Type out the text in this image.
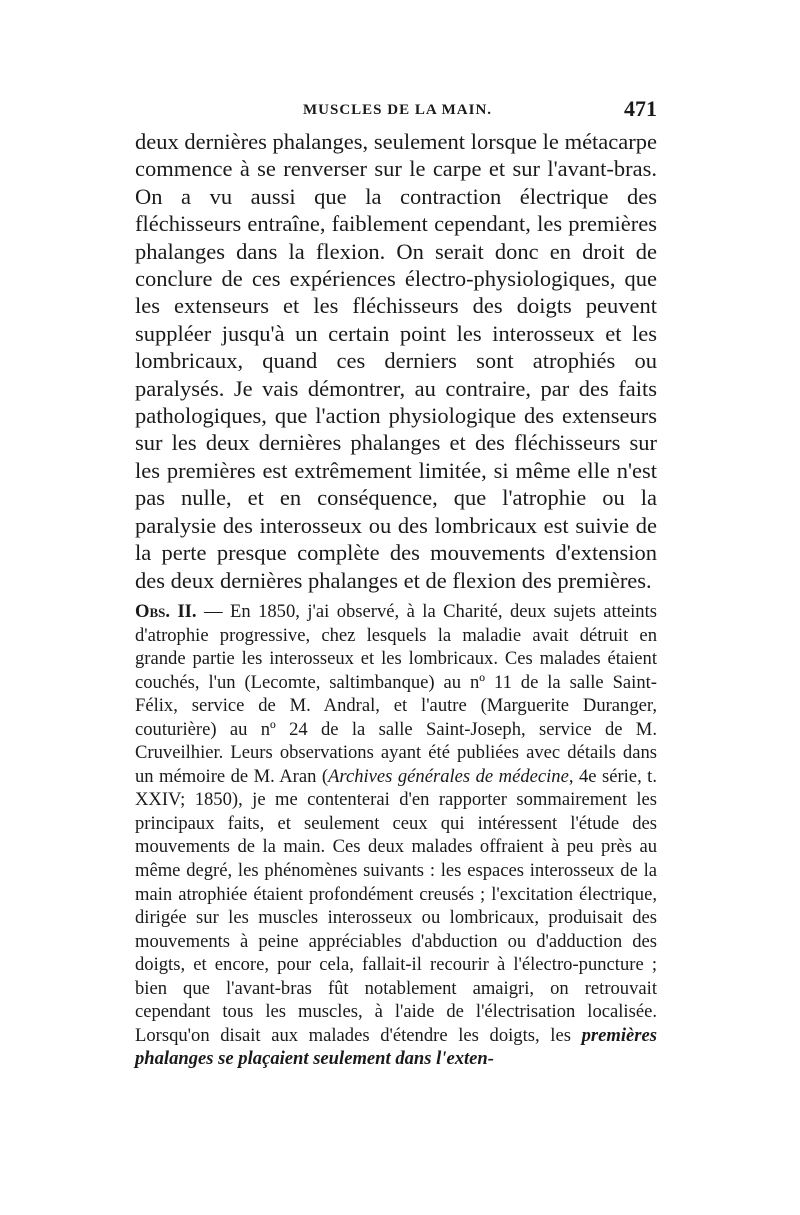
MUSCLES DE LA MAIN.	471

deux dernières phalanges, seulement lorsque le métacarpe commence à se renverser sur le carpe et sur l'avant-bras. On a vu aussi que la contraction électrique des fléchisseurs entraîne, faiblement cependant, les premières phalanges dans la flexion. On serait donc en droit de conclure de ces expériences électro-physiologiques, que les extenseurs et les fléchisseurs des doigts peuvent suppléer jusqu'à un certain point les interosseux et les lombricaux, quand ces derniers sont atrophiés ou paralysés. Je vais démontrer, au contraire, par des faits pathologiques, que l'action physiologique des extenseurs sur les deux dernières phalanges et des fléchisseurs sur les premières est extrêmement limitée, si même elle n'est pas nulle, et en conséquence, que l'atrophie ou la paralysie des interosseux ou des lombricaux est suivie de la perte presque complète des mouvements d'extension des deux dernières phalanges et de flexion des premières.

Obs. II. — En 1850, j'ai observé, à la Charité, deux sujets atteints d'atrophie progressive, chez lesquels la maladie avait détruit en grande partie les interosseux et les lombricaux. Ces malades étaient couchés, l'un (Lecomte, saltimbanque) au nº 11 de la salle Saint-Félix, service de M. Andral, et l'autre (Marguerite Duranger, couturière) au nº 24 de la salle Saint-Joseph, service de M. Cruveilhier. Leurs observations ayant été publiées avec détails dans un mémoire de M. Aran (Archives générales de médecine, 4e série, t. XXIV; 1850), je me contenterai d'en rapporter sommairement les principaux faits, et seulement ceux qui intéressent l'étude des mouvements de la main. Ces deux malades offraient à peu près au même degré, les phénomènes suivants : les espaces interosseux de la main atrophiée étaient profondément creusés ; l'excitation électrique, dirigée sur les muscles interosseux ou lombricaux, produisait des mouvements à peine appréciables d'abduction ou d'adduction des doigts, et encore, pour cela, fallait-il recourir à l'électro-puncture ; bien que l'avant-bras fût notablement amaigri, on retrouvait cependant tous les muscles, à l'aide de l'électrisation localisée. Lorsqu'on disait aux malades d'étendre les doigts, les premières phalanges se plaçaient seulement dans l'exten-
